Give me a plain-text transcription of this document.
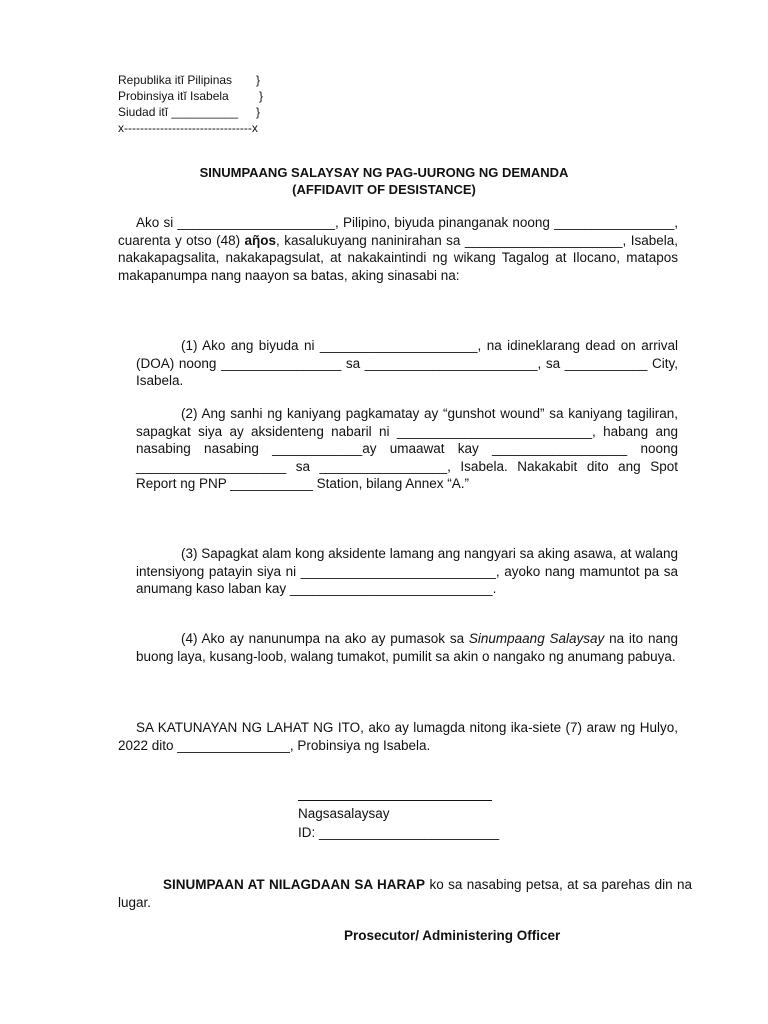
Republika itĭ Pilipinas	}
Probinsiya itĭ Isabela	}
Siudad itĭ __________	}
x--------------------------------x
SINUMPAANG SALAYSAY NG PAG-UURONG NG DEMANDA
(AFFIDAVIT OF DESISTANCE)
Ako si _____________________, Pilipino, biyuda pinanganak noong ________________, cuarenta y otso (48) aῆos, kasalukuyang naninirahan sa _____________________, Isabela, nakakapagsalita, nakakapagsulat, at nakakaintindi ng wikang Tagalog at Ilocano, matapos makapanumpa nang naayon sa batas, aking sinasabi na:
(1) Ako ang biyuda ni _____________________, na idineklarang dead on arrival (DOA) noong ________________ sa _______________________, sa ___________ City, Isabela.
(2) Ang sanhi ng kaniyang pagkamatay ay “gunshot wound” sa kaniyang tagiliran, sapagkat siya ay aksidenteng nabaril ni __________________________, habang ang nasabing nasabing ____________ay umaawat kay __________________ noong ____________________ sa _________________, Isabela. Nakakabit dito ang Spot Report ng PNP ___________ Station, bilang Annex “A.”
(3) Sapagkat alam kong aksidente lamang ang nangyari sa aking asawa, at walang intensiyong patayin siya ni __________________________, ayoko nang mamuntot pa sa anumang kaso laban kay ___________________________.
(4) Ako ay nanunumpa na ako ay pumasok sa Sinumpaang Salaysay na ito nang buong laya, kusang-loob, walang tumakot, pumilit sa akin o nangako ng anumang pabuya.
SA KATUNAYAN NG LAHAT NG ITO, ako ay lumagda nitong ika-siete (7) araw ng Hulyo, 2022 dito _______________, Probinsiya ng Isabela.
Nagsasalaysay
ID: ________________________
SINUMPAAN AT NILAGDAAN SA HARAP ko sa nasabing petsa, at sa parehas din na lugar.
Prosecutor/ Administering Officer
